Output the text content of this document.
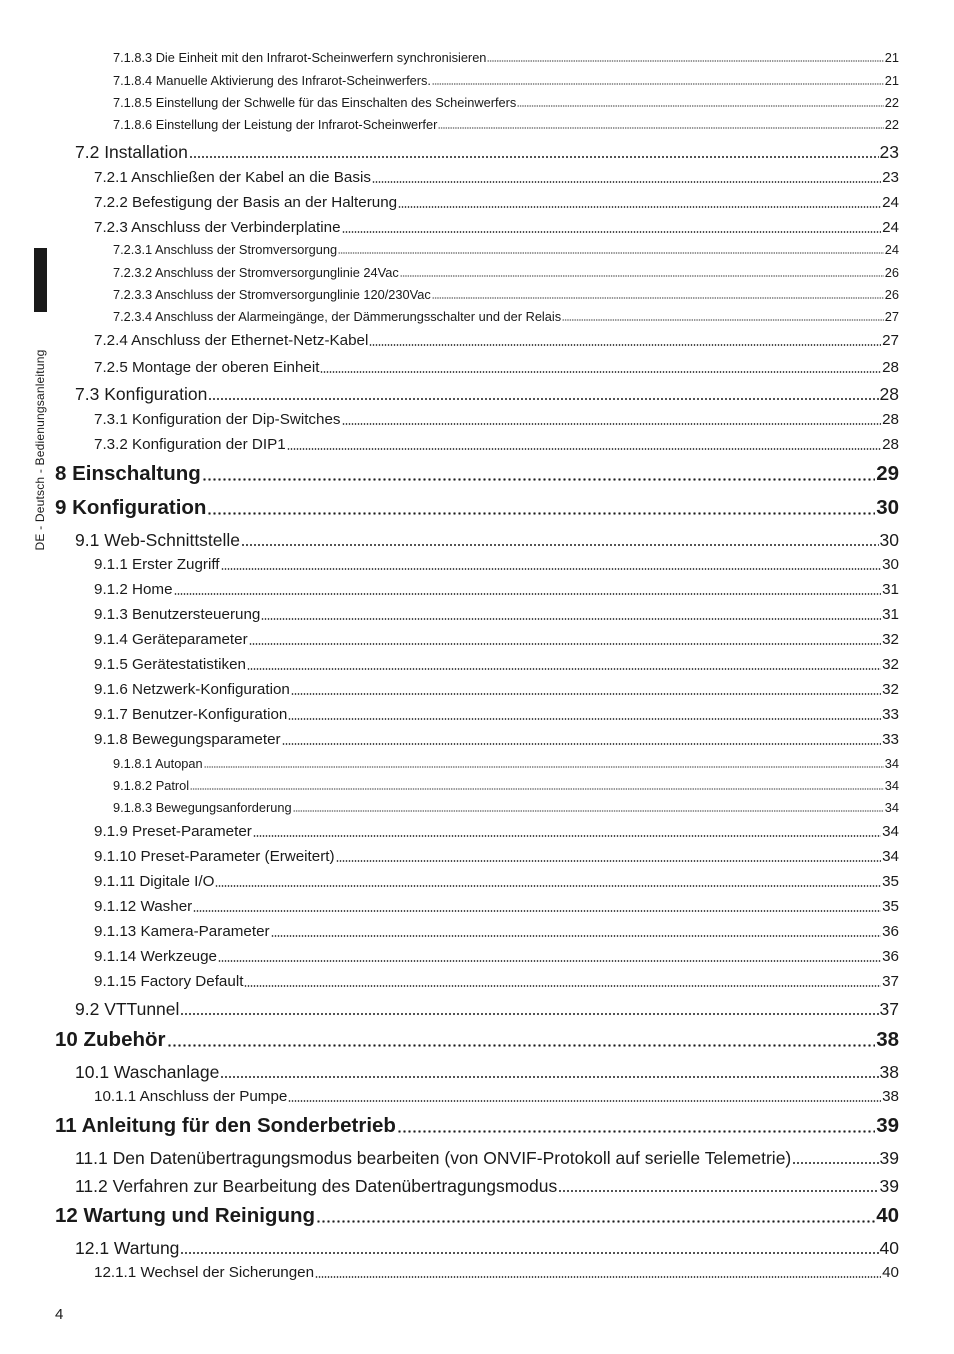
DE - Deutsch - Bedienungsanleitung
7.1.8.3 Die Einheit mit den Infrarot-Scheinwerfern synchronisieren	21
7.1.8.4 Manuelle Aktivierung des Infrarot-Scheinwerfers.	21
7.1.8.5 Einstellung der Schwelle für das Einschalten des Scheinwerfers	22
7.1.8.6 Einstellung der Leistung der Infrarot-Scheinwerfer	22
7.2 Installation	23
7.2.1 Anschließen der Kabel an die Basis	23
7.2.2 Befestigung der Basis an der Halterung	24
7.2.3 Anschluss der Verbinderplatine	24
7.2.3.1 Anschluss der Stromversorgung	24
7.2.3.2 Anschluss der Stromversorgunglinie 24Vac	26
7.2.3.3 Anschluss der Stromversorgunglinie 120/230Vac	26
7.2.3.4 Anschluss der Alarmeingänge, der Dämmerungsschalter und der Relais	27
7.2.4 Anschluss der Ethernet-Netz-Kabel	27
7.2.5 Montage der oberen Einheit	28
7.3 Konfiguration	28
7.3.1 Konfiguration der Dip-Switches	28
7.3.2 Konfiguration der DIP1	28
8 Einschaltung	29
9 Konfiguration	30
9.1 Web-Schnittstelle	30
9.1.1 Erster Zugriff	30
9.1.2 Home	31
9.1.3 Benutzersteuerung	31
9.1.4 Geräteparameter	32
9.1.5 Gerätestatistiken	32
9.1.6 Netzwerk-Konfiguration	32
9.1.7 Benutzer-Konfiguration	33
9.1.8 Bewegungsparameter	33
9.1.8.1 Autopan	34
9.1.8.2 Patrol	34
9.1.8.3 Bewegungsanforderung	34
9.1.9 Preset-Parameter	34
9.1.10 Preset-Parameter (Erweitert)	34
9.1.11 Digitale I/O	35
9.1.12 Washer	35
9.1.13 Kamera-Parameter	36
9.1.14 Werkzeuge	36
9.1.15 Factory Default	37
9.2 VTTunnel	37
10 Zubehör	38
10.1 Waschanlage	38
10.1.1 Anschluss der Pumpe	38
11 Anleitung für den Sonderbetrieb	39
11.1 Den Datenübertragungsmodus bearbeiten (von ONVIF-Protokoll auf serielle Telemetrie)	39
11.2 Verfahren zur Bearbeitung des Datenübertragungsmodus	39
12 Wartung und Reinigung	40
12.1 Wartung	40
12.1.1 Wechsel der Sicherungen	40
4
